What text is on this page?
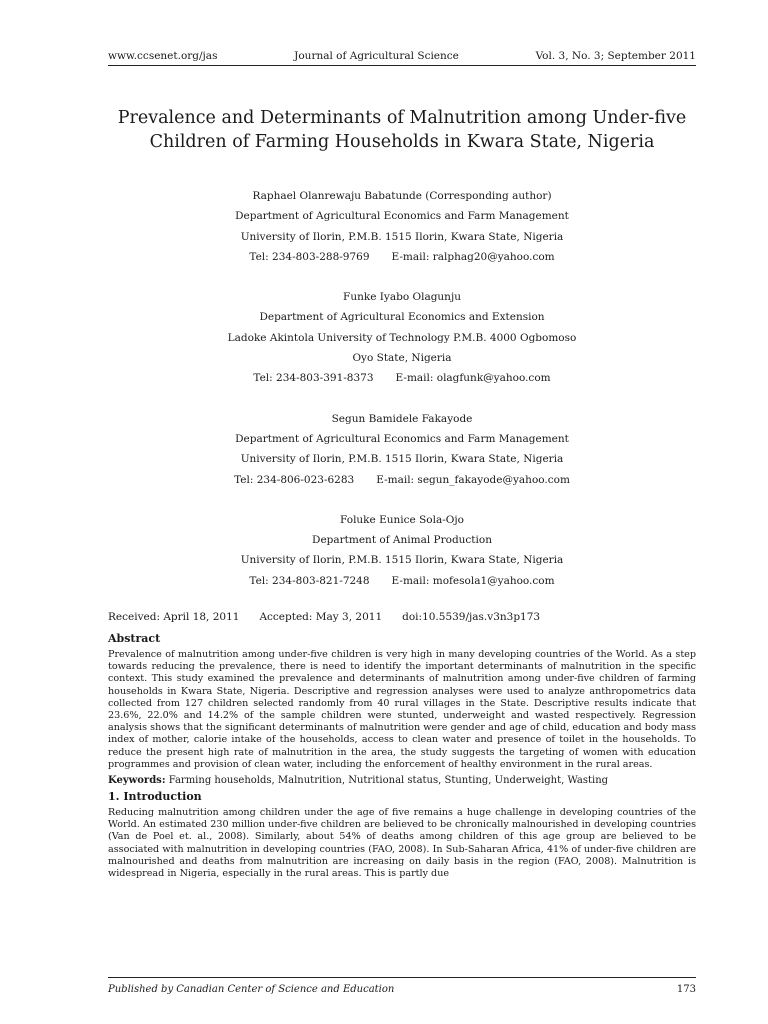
www.ccsenet.org/jas	Journal of Agricultural Science	Vol. 3, No. 3; September 2011
Prevalence and Determinants of Malnutrition among Under-five
Children of Farming Households in Kwara State, Nigeria
Raphael Olanrewaju Babatunde (Corresponding author)
Department of Agricultural Economics and Farm Management
University of Ilorin, P.M.B. 1515 Ilorin, Kwara State, Nigeria
Tel: 234-803-288-9769 E-mail: ralphag20@yahoo.com
Funke Iyabo Olagunju
Department of Agricultural Economics and Extension
Ladoke Akintola University of Technology P.M.B. 4000 Ogbomoso
Oyo State, Nigeria
Tel: 234-803-391-8373 E-mail: olagfunk@yahoo.com
Segun Bamidele Fakayode
Department of Agricultural Economics and Farm Management
University of Ilorin, P.M.B. 1515 Ilorin, Kwara State, Nigeria
Tel: 234-806-023-6283 E-mail: segun_fakayode@yahoo.com
Foluke Eunice Sola-Ojo
Department of Animal Production
University of Ilorin, P.M.B. 1515 Ilorin, Kwara State, Nigeria
Tel: 234-803-821-7248 E-mail: mofesola1@yahoo.com
Received: April 18, 2011 Accepted: May 3, 2011 doi:10.5539/jas.v3n3p173
Abstract

Prevalence of malnutrition among under-five children is very high in many developing countries of the World. As a step towards reducing the prevalence, there is need to identify the important determinants of malnutrition in the specific context. This study examined the prevalence and determinants of malnutrition among under-five children of farming households in Kwara State, Nigeria. Descriptive and regression analyses were used to analyze anthropometrics data collected from 127 children selected randomly from 40 rural villages in the State. Descriptive results indicate that 23.6%, 22.0% and 14.2% of the sample children were stunted, underweight and wasted respectively. Regression analysis shows that the significant determinants of malnutrition were gender and age of child, education and body mass index of mother, calorie intake of the households, access to clean water and presence of toilet in the households. To reduce the present high rate of malnutrition in the area, the study suggests the targeting of women with education programmes and provision of clean water, including the enforcement of healthy environment in the rural areas.

Keywords: Farming households, Malnutrition, Nutritional status, Stunting, Underweight, Wasting

1. Introduction

Reducing malnutrition among children under the age of five remains a huge challenge in developing countries of the World. An estimated 230 million under-five children are believed to be chronically malnourished in developing countries (Van de Poel et. al., 2008). Similarly, about 54% of deaths among children of this age group are believed to be associated with malnutrition in developing countries (FAO, 2008). In Sub-Saharan Africa, 41% of under-five children are malnourished and deaths from malnutrition are increasing on daily basis in the region (FAO, 2008). Malnutrition is widespread in Nigeria, especially in the rural areas. This is partly due

Published by Canadian Center of Science and Education	173
